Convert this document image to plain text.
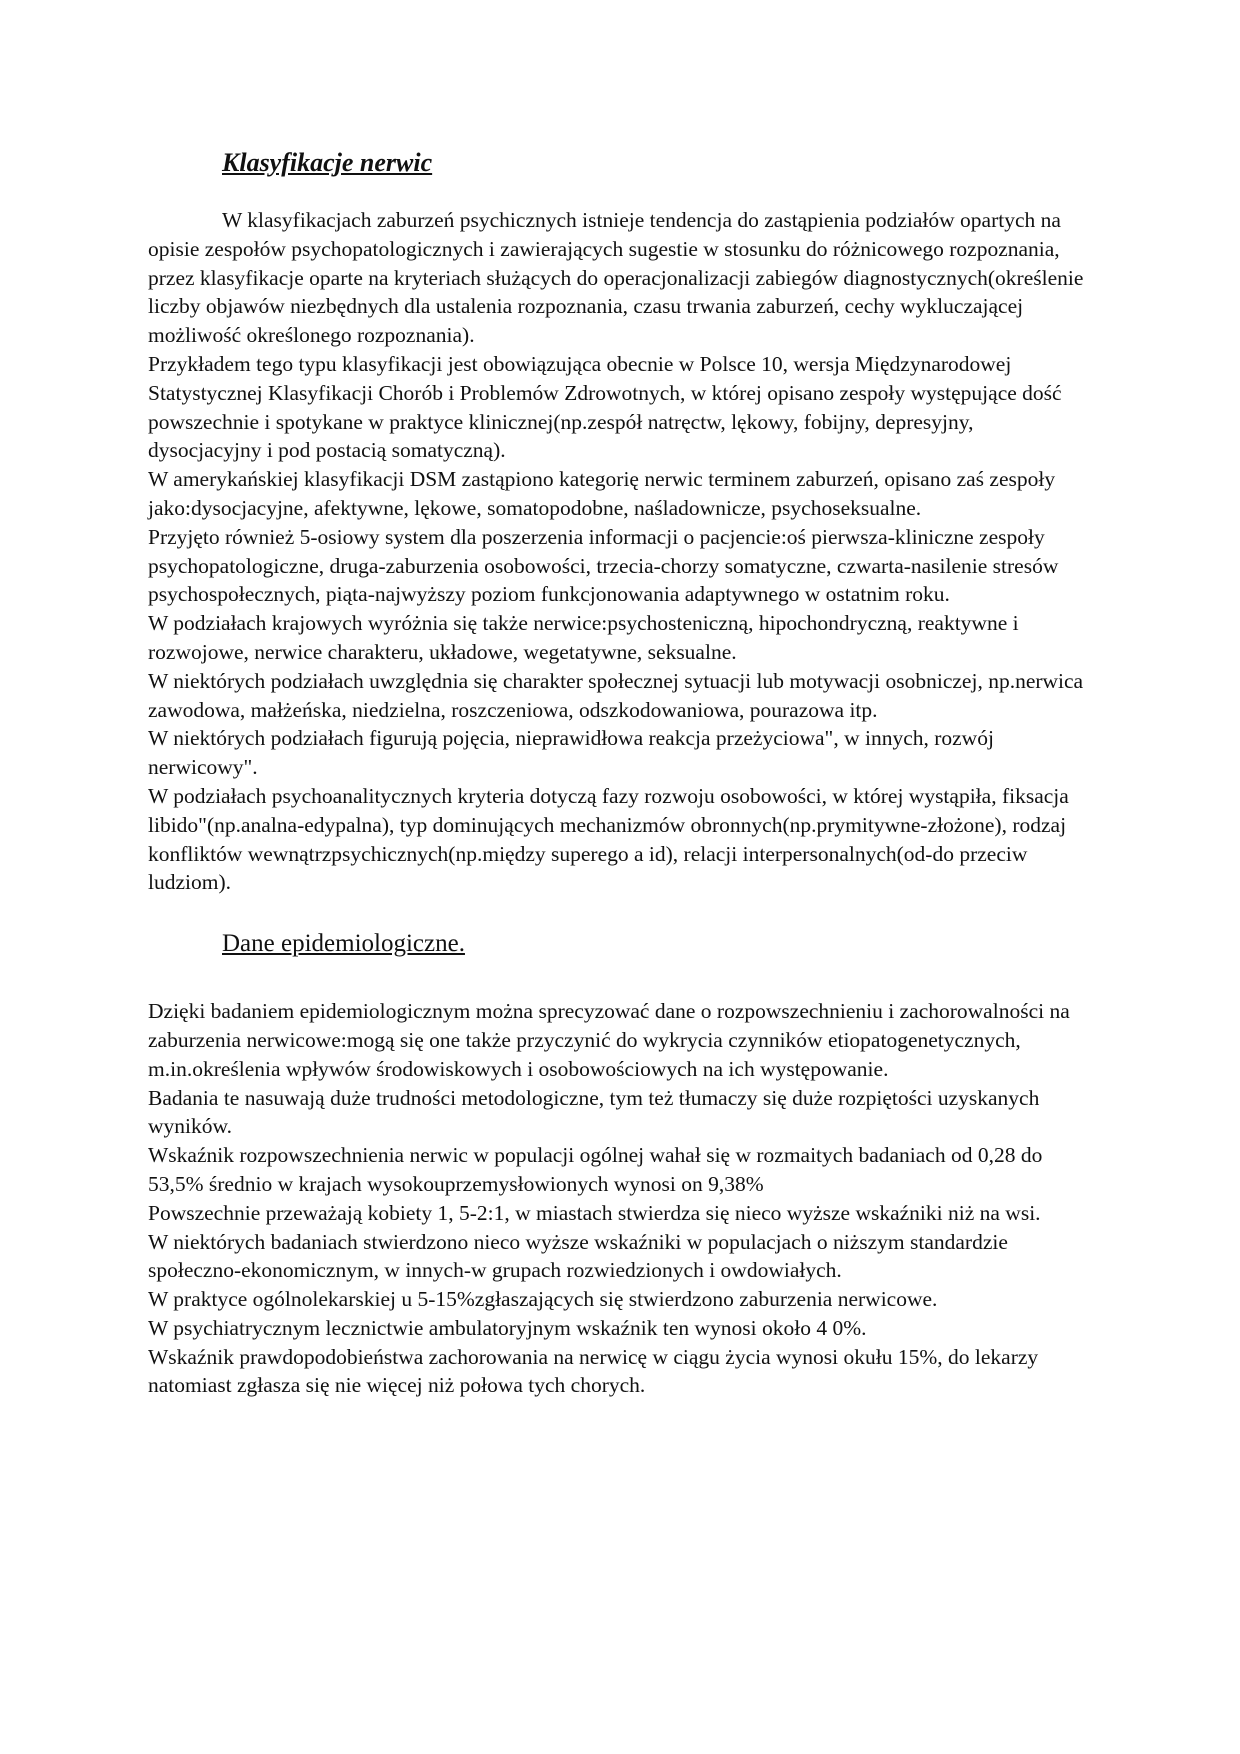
Klasyfikacje nerwic

W klasyfikacjach zaburzeń psychicznych istnieje tendencja do zastąpienia podziałów opartych na opisie zespołów psychopatologicznych i zawierających sugestie w stosunku do różnicowego rozpoznania, przez klasyfikacje oparte na kryteriach służących do operacjonalizacji zabiegów diagnostycznych(określenie liczby objawów niezbędnych dla ustalenia rozpoznania, czasu trwania zaburzeń, cechy wykluczającej możliwość określonego rozpoznania).

Przykładem tego typu klasyfikacji jest obowiązująca obecnie w Polsce 10, wersja Międzynarodowej Statystycznej Klasyfikacji Chorób i Problemów Zdrowotnych, w której opisano zespoły występujące dość powszechnie i spotykane w praktyce klinicznej(np.zespół natręctw, lękowy, fobijny, depresyjny, dysocjacyjny i pod postacią somatyczną).

W amerykańskiej klasyfikacji DSM zastąpiono kategorię nerwic terminem zaburzeń, opisano zaś zespoły jako:dysocjacyjne, afektywne, lękowe, somatopodobne, naśladownicze, psychoseksualne.

Przyjęto również 5-osiowy system dla poszerzenia informacji o pacjencie:oś pierwsza-kliniczne zespoły psychopatologiczne, druga-zaburzenia osobowości, trzecia-chorzy somatyczne, czwarta-nasilenie stresów psychospołecznych, piąta-najwyższy poziom funkcjonowania adaptywnego w ostatnim roku.

W podziałach krajowych wyróżnia się także nerwice:psychosteniczną, hipochondryczną, reaktywne i rozwojowe, nerwice charakteru, układowe, wegetatywne, seksualne.

W niektórych podziałach uwzględnia się charakter społecznej sytuacji lub motywacji osobniczej, np.nerwica zawodowa, małżeńska, niedzielna, roszczeniowa, odszkodowaniowa, pourazowa itp.

W niektórych podziałach figurują pojęcia, nieprawidłowa reakcja przeżyciowa", w innych, rozwój nerwicowy".

W podziałach psychoanalitycznych kryteria dotyczą fazy rozwoju osobowości, w której wystąpiła, fiksacja libido"(np.analna-edypalna), typ dominujących mechanizmów obronnych(np.prymitywne-złożone), rodzaj konfliktów wewnątrzpsychicznych(np.między superego a id), relacji interpersonalnych(od-do przeciw ludziom).

Dane epidemiologiczne.

Dzięki badaniem epidemiologicznym można sprecyzować dane o rozpowszechnieniu i zachorowalności na zaburzenia nerwicowe:mogą się one także przyczynić do wykrycia czynników etiopatogenetycznych, m.in.określenia wpływów środowiskowych i osobowościowych na ich występowanie.

Badania te nasuwają duże trudności metodologiczne, tym też tłumaczy się duże rozpiętości uzyskanych wyników.

Wskaźnik rozpowszechnienia nerwic w populacji ogólnej wahał się w rozmaitych badaniach od 0,28 do 53,5% średnio w krajach wysokouprzemysłowionych wynosi on 9,38%

Powszechnie przeważają kobiety 1, 5-2:1, w miastach stwierdza się nieco wyższe wskaźniki niż na wsi.

W niektórych badaniach stwierdzono nieco wyższe wskaźniki w populacjach o niższym standardzie społeczno-ekonomicznym, w innych-w grupach rozwiedzionych i owdowiałych.

W praktyce ogólnolekarskiej u 5-15%zgłaszających się stwierdzono zaburzenia nerwicowe.

W psychiatrycznym lecznictwie ambulatoryjnym wskaźnik ten wynosi około 4 0%.

Wskaźnik prawdopodobieństwa zachorowania na nerwicę w ciągu życia wynosi okułu 15%, do lekarzy natomiast zgłasza się nie więcej niż połowa tych chorych.
